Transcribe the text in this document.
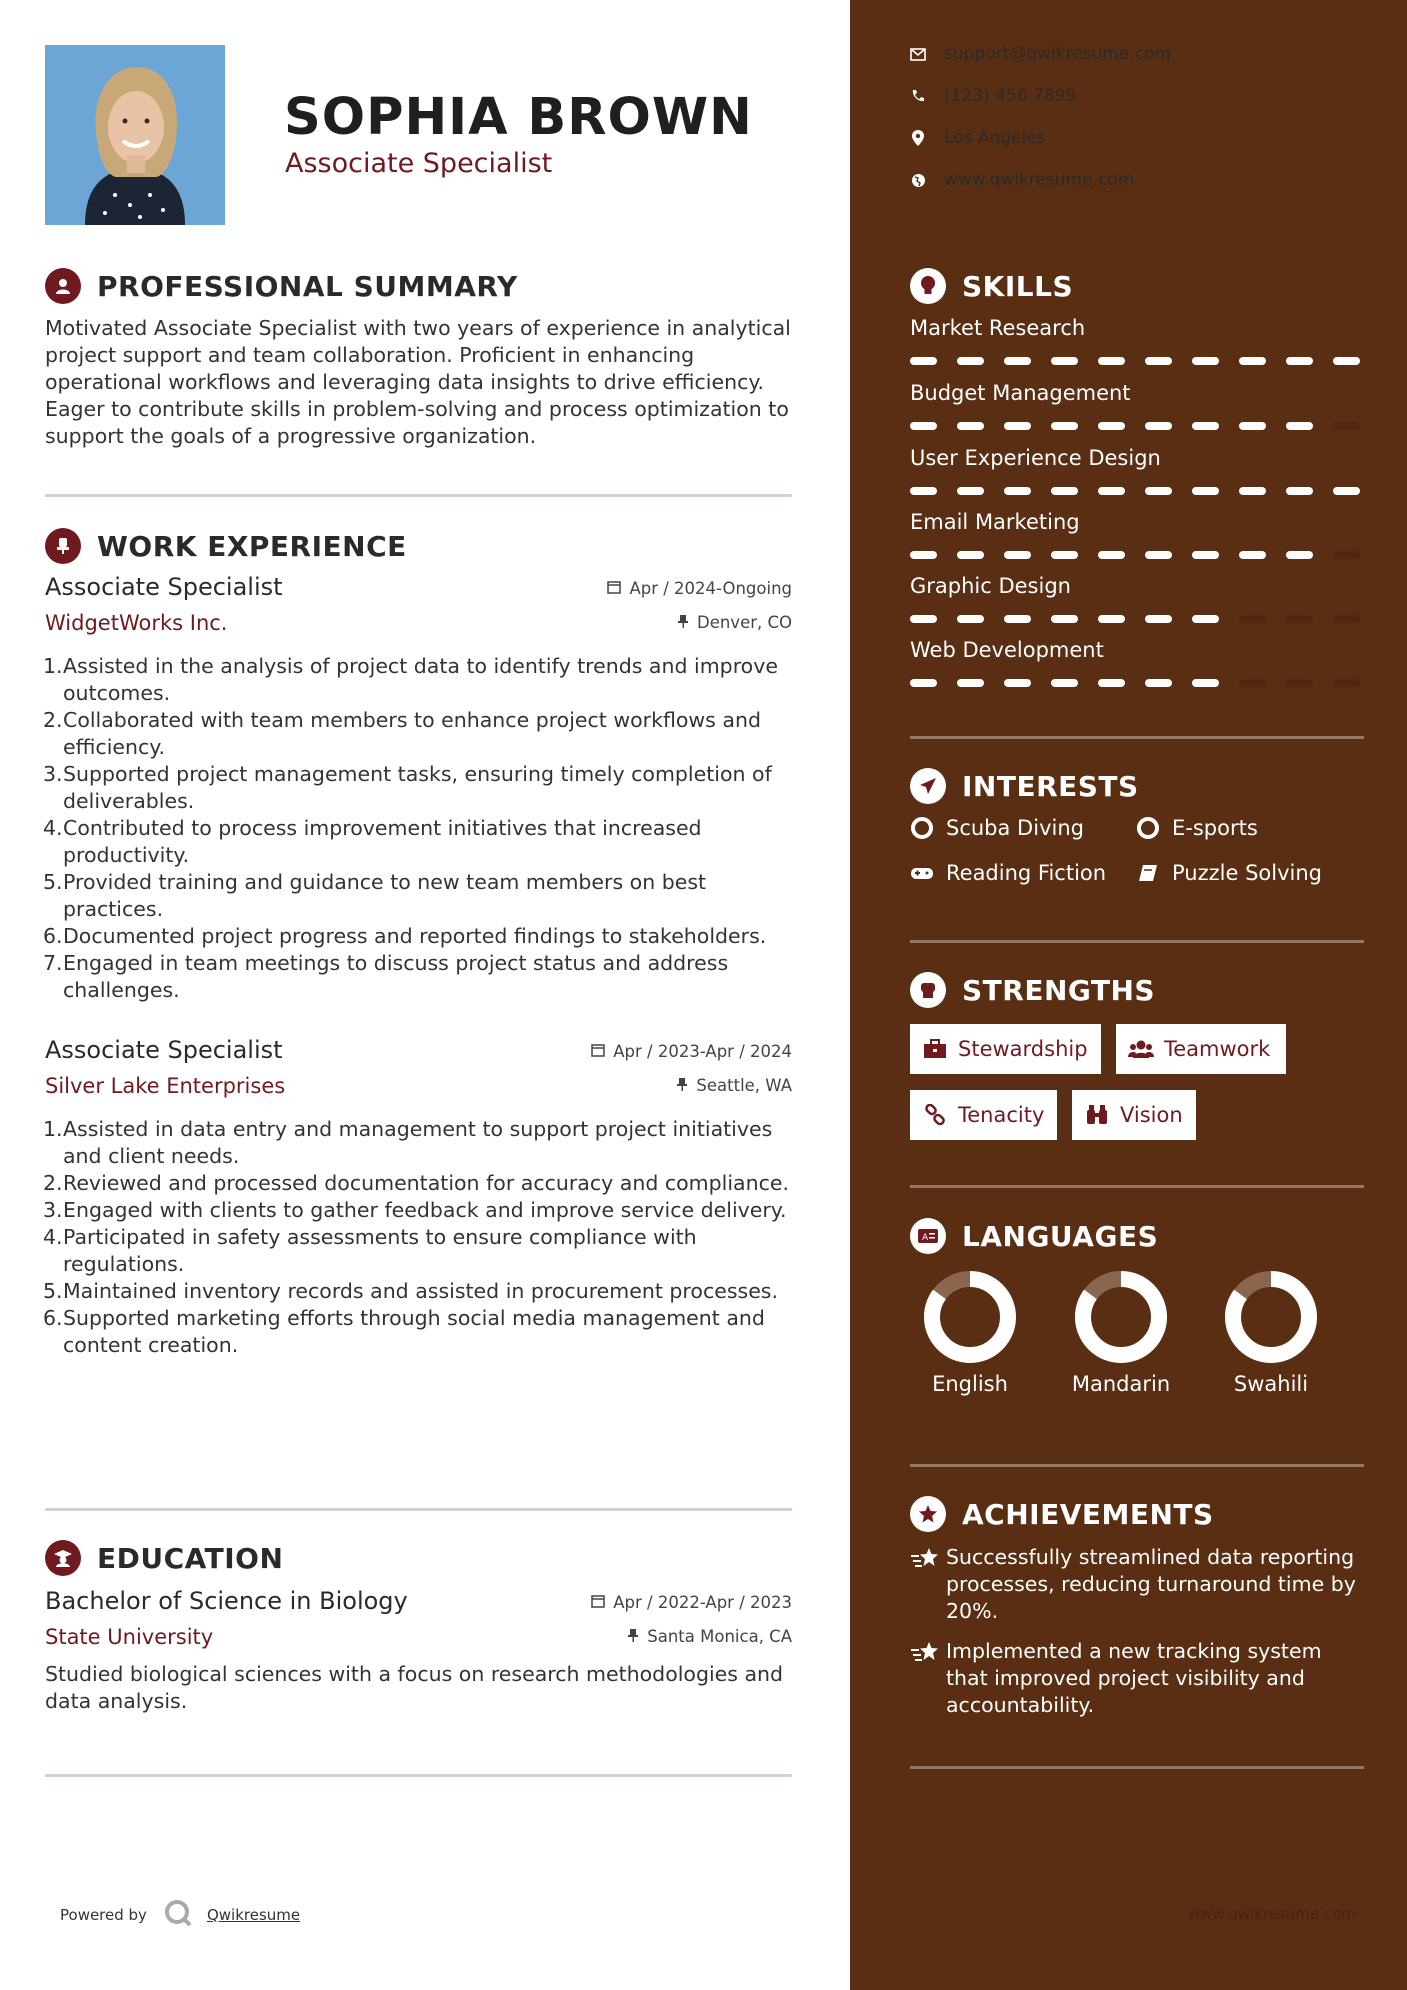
SOPHIA BROWN
Associate Specialist
PROFESSIONAL SUMMARY
Motivated Associate Specialist with two years of experience in analytical project support and team collaboration. Proficient in enhancing operational workflows and leveraging data insights to drive efficiency. Eager to contribute skills in problem-solving and process optimization to support the goals of a progressive organization.
WORK EXPERIENCE
Associate Specialist	Apr / 2024-Ongoing
WidgetWorks Inc.	Denver, CO
1. Assisted in the analysis of project data to identify trends and improve outcomes.
2. Collaborated with team members to enhance project workflows and efficiency.
3. Supported project management tasks, ensuring timely completion of deliverables.
4. Contributed to process improvement initiatives that increased productivity.
5. Provided training and guidance to new team members on best practices.
6. Documented project progress and reported findings to stakeholders.
7. Engaged in team meetings to discuss project status and address challenges.
Associate Specialist	Apr / 2023-Apr / 2024
Silver Lake Enterprises	Seattle, WA
1. Assisted in data entry and management to support project initiatives and client needs.
2. Reviewed and processed documentation for accuracy and compliance.
3. Engaged with clients to gather feedback and improve service delivery.
4. Participated in safety assessments to ensure compliance with regulations.
5. Maintained inventory records and assisted in procurement processes.
6. Supported marketing efforts through social media management and content creation.
EDUCATION
Bachelor of Science in Biology	Apr / 2022-Apr / 2023
State University	Santa Monica, CA
Studied biological sciences with a focus on research methodologies and data analysis.
Powered by	Qwikresume
support@qwikresume.com
(123) 456 7899
Los Angeles
www.qwikresume.com
SKILLS
Market Research
Budget Management
User Experience Design
Email Marketing
Graphic Design
Web Development
INTERESTS
Scuba Diving	E-sports
Reading Fiction	Puzzle Solving
STRENGTHS
Stewardship	Teamwork
Tenacity	Vision
A LANGUAGES
English	Mandarin	Swahili
ACHIEVEMENTS
Successfully streamlined data reporting processes, reducing turnaround time by 20%.
Implemented a new tracking system that improved project visibility and accountability.
www.qwikresume.com
